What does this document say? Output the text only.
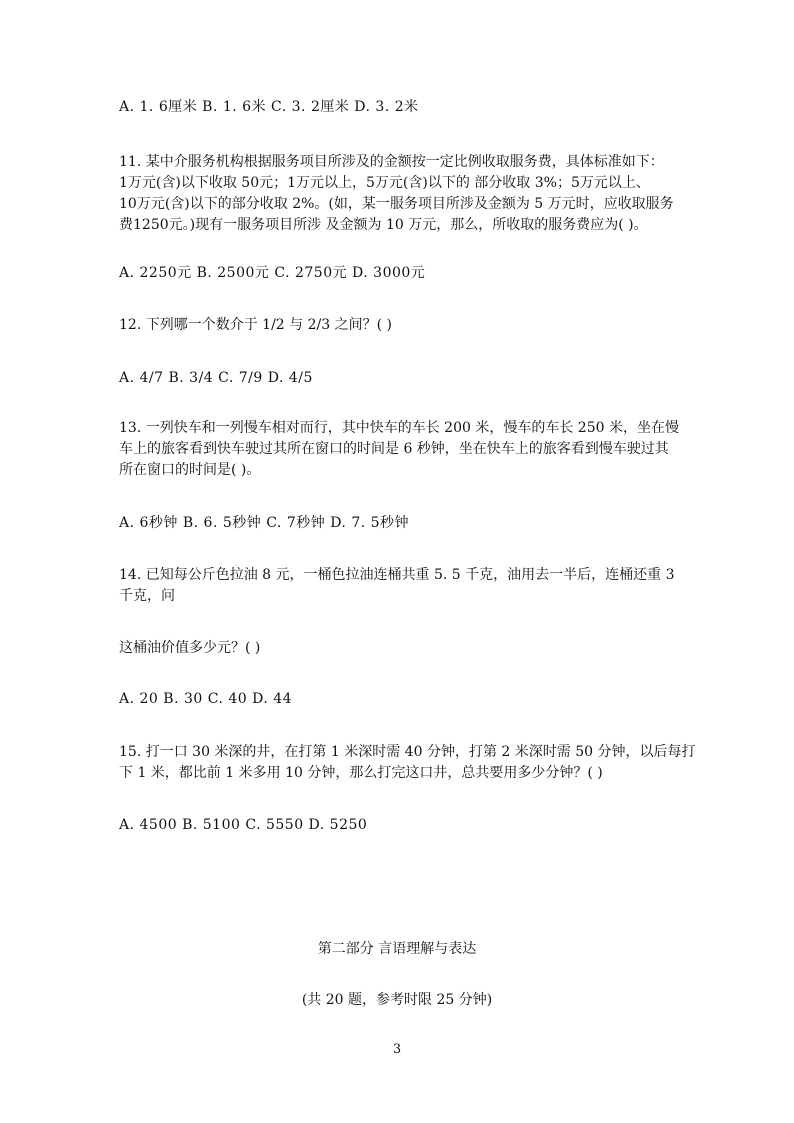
A. 1. 6厘米 B. 1. 6米 C. 3. 2厘米 D. 3. 2米
11. 某中介服务机构根据服务项目所涉及的金额按一定比例收取服务费，具体标准如下：
1万元(含)以下收取 50元；1万元以上，5万元(含)以下的 部分收取 3%；5万元以上、
10万元(含)以下的部分收取 2%。(如，某一服务项目所涉及金额为 5 万元时，应收取服务
费1250元。)现有一服务项目所涉 及金额为 10 万元，那么，所收取的服务费应为( )。
A. 2250元 B. 2500元 C. 2750元 D. 3000元
12. 下列哪一个数介于 1/2 与 2/3 之间？( )
A. 4/7 B. 3/4 C. 7/9 D. 4/5
13. 一列快车和一列慢车相对而行，其中快车的车长 200 米，慢车的车长 250 米，坐在慢
车上的旅客看到快车驶过其所在窗口的时间是 6 秒钟，坐在快车上的旅客看到慢车驶过其
所在窗口的时间是( )。
A. 6秒钟 B. 6. 5秒钟 C. 7秒钟 D. 7. 5秒钟
14. 已知每公斤色拉油 8 元，一桶色拉油连桶共重 5. 5 千克，油用去一半后，连桶还重 3
千克，问
这桶油价值多少元？( )
A. 20 B. 30 C. 40 D. 44
15. 打一口 30 米深的井，在打第 1 米深时需 40 分钟，打第 2 米深时需 50 分钟，以后每打
下 1 米，都比前 1 米多用 10 分钟，那么打完这口井，总共要用多少分钟？( )
A. 4500 B. 5100 C. 5550 D. 5250
第二部分 言语理解与表达
(共 20 题，参考时限 25 分钟)
3
